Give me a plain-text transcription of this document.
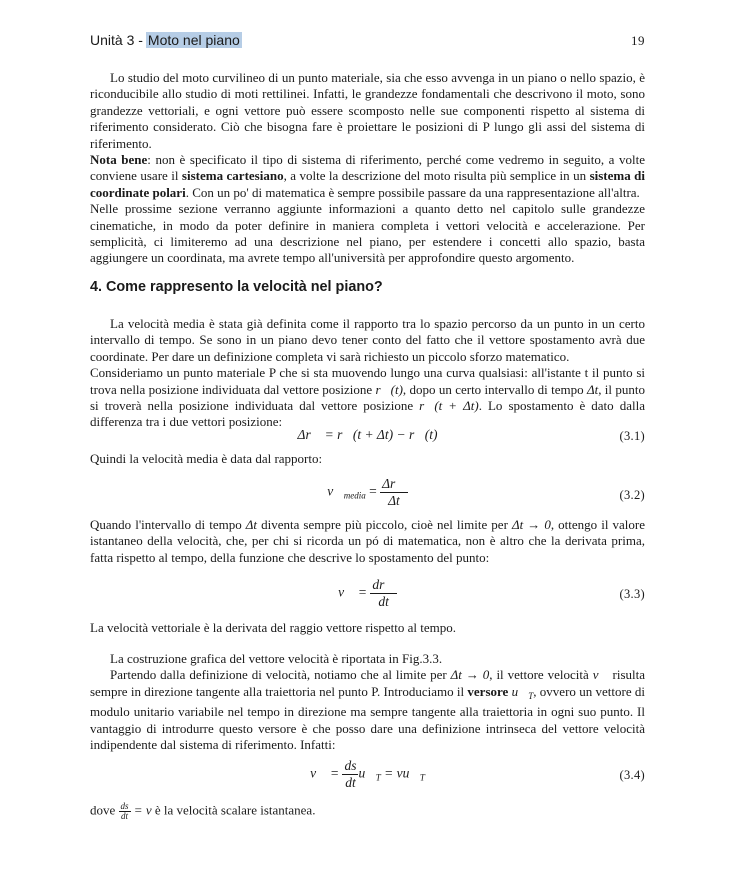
Unità 3 - Moto nel piano	19

Lo studio del moto curvilineo di un punto materiale, sia che esso avvenga in un piano o nello spazio, è riconducibile allo studio di moti rettilinei. Infatti, le grandezze fondamentali che descrivono il moto, sono grandezze vettoriali, e ogni vettore può essere scomposto nelle sue componenti rispetto al sistema di riferimento considerato. Ciò che bisogna fare è proiettare le posizioni di P lungo gli assi del sistema di riferimento.

Nota bene: non è specificato il tipo di sistema di riferimento, perché come vedremo in seguito, a volte conviene usare il sistema cartesiano, a volte la descrizione del moto risulta più semplice in un sistema di coordinate polari. Con un po' di matematica è sempre possibile passare da una rappresentazione all'altra.

Nelle prossime sezione verranno aggiunte informazioni a quanto detto nel capitolo sulle grandezze cinematiche, in modo da poter definire in maniera completa i vettori velocità e accelerazione. Per semplicità, ci limiteremo ad una descrizione nel piano, per estendere i concetti allo spazio, basta aggiungere un coordinata, ma avrete tempo all'università per approfondire questo argomento.

4. Come rappresento la velocità nel piano?

La velocità media è stata già definita come il rapporto tra lo spazio percorso da un punto in un certo intervallo di tempo. Se sono in un piano devo tener conto del fatto che il vettore spostamento avrà due coordinate. Per dare un definizione completa vi sarà richiesto un piccolo sforzo matematico.

Consideriamo un punto materiale P che si sta muovendo lungo una curva qualsiasi: all'istante t il punto si trova nella posizione individuata dal vettore posizione r⃗(t), dopo un certo intervallo di tempo Δt, il punto si troverà nella posizione individuata dal vettore posizione r⃗(t + Δt). Lo spostamento è dato dalla differenza tra i due vettori posizione:

Δr⃗ = r⃗(t + Δt) − r⃗(t)	(3.1)

Quindi la velocità media è data dal rapporto:

$v⃗_{media} = \frac{\Delta r⃗}{\Delta t}$	(3.2)

Quando l'intervallo di tempo Δt diventa sempre più piccolo, cioè nel limite per Δt → 0, ottengo il valore istantaneo della velocità, che, per chi si ricorda un pó di matematica, non è altro che la derivata prima, fatta rispetto al tempo, della funzione che descrive lo spostamento del punto:

v⃗ = $\frac{dr⃗}{dt}$	(3.3)

La velocità vettoriale è la derivata del raggio vettore rispetto al tempo.

La costruzione grafica del vettore velocità è riportata in Fig.3.3.

Partendo dalla definizione di velocità, notiamo che al limite per Δt → 0, il vettore velocità v⃗ risulta sempre in direzione tangente alla traiettoria nel punto P. Introduciamo il versore $u⃗_T$, ovvero un vettore di modulo unitario variabile nel tempo in direzione ma sempre tangente alla traiettoria in ogni suo punto. Il vantaggio di introdurre questo versore è che posso dare una definizione intrinseca del vettore velocità indipendente dal sistema di riferimento. Infatti:

v⃗ = $\frac{ds}{dt}$ $u⃗_T$ = $vu⃗_T$	(3.4)

dove $\frac{ds}{dt} = v$ è la velocità scalare istantanea.
